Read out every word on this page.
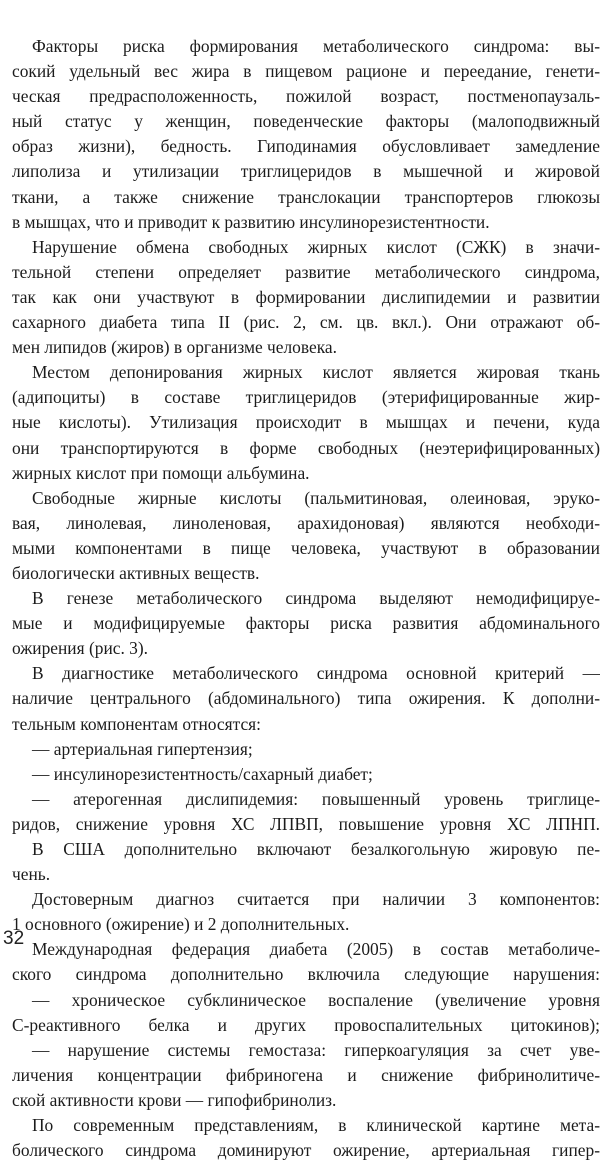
Факторы риска формирования метаболического синдрома: вы-
сокий удельный вес жира в пищевом рационе и переедание, генети-
ческая предрасположенность, пожилой возраст, постменопаузаль-
ный статус у женщин, поведенческие факторы (малоподвижный
образ жизни), бедность. Гиподинамия обусловливает замедление
липолиза и утилизации триглицеридов в мышечной и жировой
ткани, а также снижение транслокации транспортеров глюкозы
в мышцах, что и приводит к развитию инсулинорезистентности.
Нарушение обмена свободных жирных кислот (СЖК) в значи-
тельной степени определяет развитие метаболического синдрома,
так как они участвуют в формировании дислипидемии и развитии
сахарного диабета типа II (рис. 2, см. цв. вкл.). Они отражают об-
мен липидов (жиров) в организме человека.
Местом депонирования жирных кислот является жировая ткань
(адипоциты) в составе триглицеридов (этерифицированные жир-
ные кислоты). Утилизация происходит в мышцах и печени, куда
они транспортируются в форме свободных (неэтерифицированных)
жирных кислот при помощи альбумина.
Свободные жирные кислоты (пальмитиновая, олеиновая, эруко-
вая, линолевая, линоленовая, арахидоновая) являются необходи-
мыми компонентами в пище человека, участвуют в образовании
биологически активных веществ.
В генезе метаболического синдрома выделяют немодифицируе-
мые и модифицируемые факторы риска развития абдоминального
ожирения (рис. 3).
В диагностике метаболического синдрома основной критерий —
наличие центрального (абдоминального) типа ожирения. К дополни-
тельным компонентам относятся:
— артериальная гипертензия;
— инсулинорезистентность/сахарный диабет;
— атерогенная дислипидемия: повышенный уровень триглице-
ридов, снижение уровня ХС ЛПВП, повышение уровня ХС ЛПНП.
В США дополнительно включают безалкогольную жировую пе-
чень.
Достоверным диагноз считается при наличии 3 компонентов:
1 основного (ожирение) и 2 дополнительных.
Международная федерация диабета (2005) в состав метаболиче-
ского синдрома дополнительно включила следующие нарушения:
— хроническое субклиническое воспаление (увеличение уровня
С-реактивного белка и других провоспалительных цитокинов);
— нарушение системы гемостаза: гиперкоагуляция за счет уве-
личения концентрации фибриногена и снижение фибринолитиче-
ской активности крови — гипофибринолиз.
По современным представлениям, в клинической картине мета-
болического синдрома доминируют ожирение, артериальная гипер-
32
